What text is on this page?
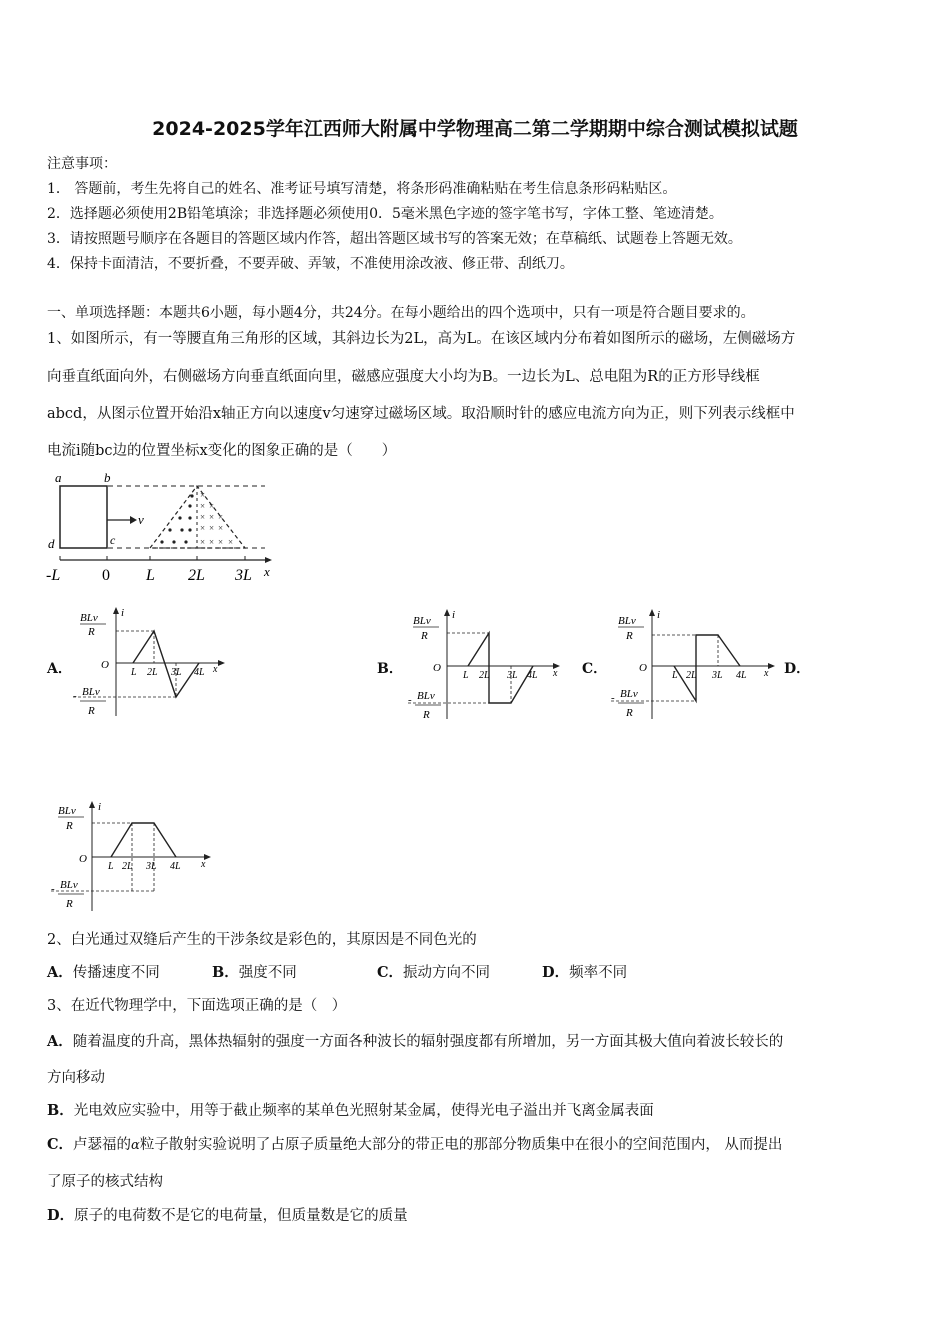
2024-2025学年江西师大附属中学物理高二第二学期期中综合测试模拟试题
注意事项：
1． 答题前，考生先将自己的姓名、准考证号填写清楚，将条形码准确粘贴在考生信息条形码粘贴区。
2．选择题必须使用2B铅笔填涂；非选择题必须使用0．5毫米黑色字迹的签字笔书写，字体工整、笔迹清楚。
3．请按照题号顺序在各题目的答题区域内作答，超出答题区域书写的答案无效；在草稿纸、试题卷上答题无效。
4．保持卡面清洁，不要折叠，不要弄破、弄皱，不准使用涂改液、修正带、刮纸刀。
一、单项选择题：本题共6小题，每小题4分，共24分。在每小题给出的四个选项中，只有一项是符合题目要求的。
1、如图所示，有一等腰直角三角形的区域，其斜边长为2L，高为L。在该区域内分布着如图所示的磁场，左侧磁场方
向垂直纸面向外，右侧磁场方向垂直纸面向里，磁感应强度大小均为B。一边长为L、总电阻为R的正方形导线框
abcd，从图示位置开始沿x轴正方向以速度v匀速穿过磁场区域。取沿顺时针的感应电流方向为正，则下列表示线框中
电流i随bc边的位置坐标x变化的图象正确的是（　　）
a	b
c
d
v
×
× ×
× × ×
× × ×
× × × ×
-L	0 L 2L 3L x
A．	B．	C．	D．
BLv
R
i
O	x
BLv
-
R
L 2L 3L 4L
BLv
R
i
O	x
BLv
-
R
L 2L 3L 4L
BLv
R
i
O	x
BLv
-
R
L 2L 3L 4L
BLv
R
i
O	x
BLv
-
R
L 2L 3L 4L
2、白光通过双缝后产生的干涉条纹是彩色的，其原因是不同色光的
A．传播速度不同	B．强度不同	C．振动方向不同	D．频率不同
3、在近代物理学中，下面选项正确的是（　）
A．随着温度的升高，黑体热辐射的强度一方面各种波长的辐射强度都有所增加，另一方面其极大值向着波长较长的
方向移动
B．光电效应实验中，用等于截止频率的某单色光照射某金属，使得光电子溢出并飞离金属表面
C．卢瑟福的α粒子散射实验说明了占原子质量绝大部分的带正电的那部分物质集中在很小的空间范围内， 从而提出
了原子的核式结构
D．原子的电荷数不是它的电荷量，但质量数是它的质量
